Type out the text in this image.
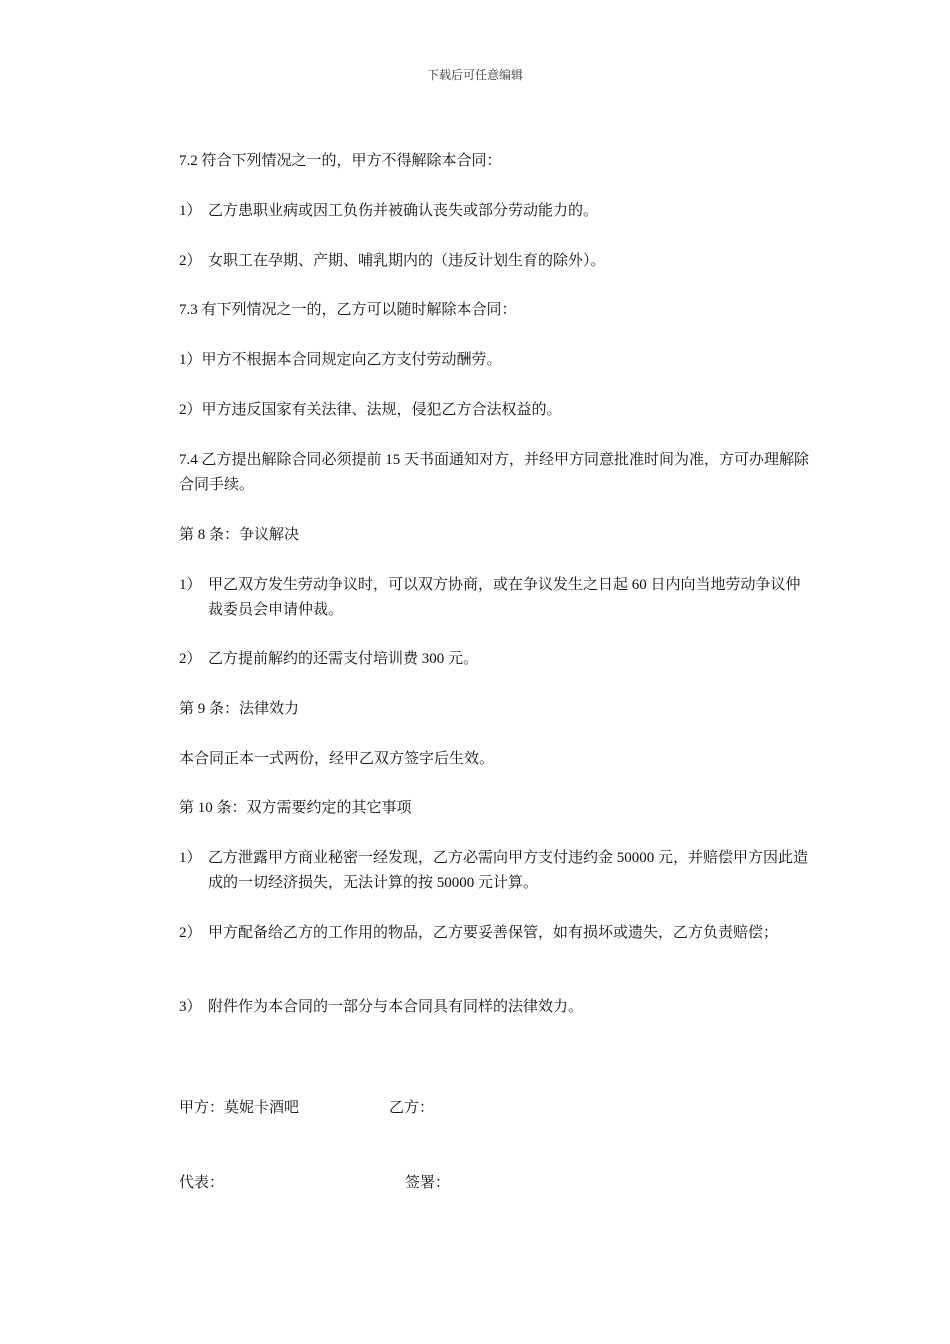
下载后可任意编辑
7.2 符合下列情况之一的，甲方不得解除本合同：
1） 乙方患职业病或因工负伤并被确认丧失或部分劳动能力的。
2） 女职工在孕期、产期、哺乳期内的（违反计划生育的除外）。
7.3 有下列情况之一的，乙方可以随时解除本合同：
1）甲方不根据本合同规定向乙方支付劳动酬劳。
2）甲方违反国家有关法律、法规，侵犯乙方合法权益的。
7.4 乙方提出解除合同必须提前 15 天书面通知对方，并经甲方同意批准时间为准，方可办理解除合同手续。
第 8 条：争议解决
1） 甲乙双方发生劳动争议时，可以双方协商，或在争议发生之日起 60 日内向当地劳动争议仲裁委员会申请仲裁。
2） 乙方提前解约的还需支付培训费 300 元。
第 9 条：法律效力
本合同正本一式两份，经甲乙双方签字后生效。
第 10 条：双方需要约定的其它事项
1） 乙方泄露甲方商业秘密一经发现，乙方必需向甲方支付违约金 50000 元，并赔偿甲方因此造成的一切经济损失，无法计算的按 50000 元计算。
2） 甲方配备给乙方的工作用的物品，乙方要妥善保管，如有损坏或遗失，乙方负责赔偿；
3） 附件作为本合同的一部分与本合同具有同样的法律效力。
甲方：莫妮卡酒吧	乙方：
代表：	签署：
